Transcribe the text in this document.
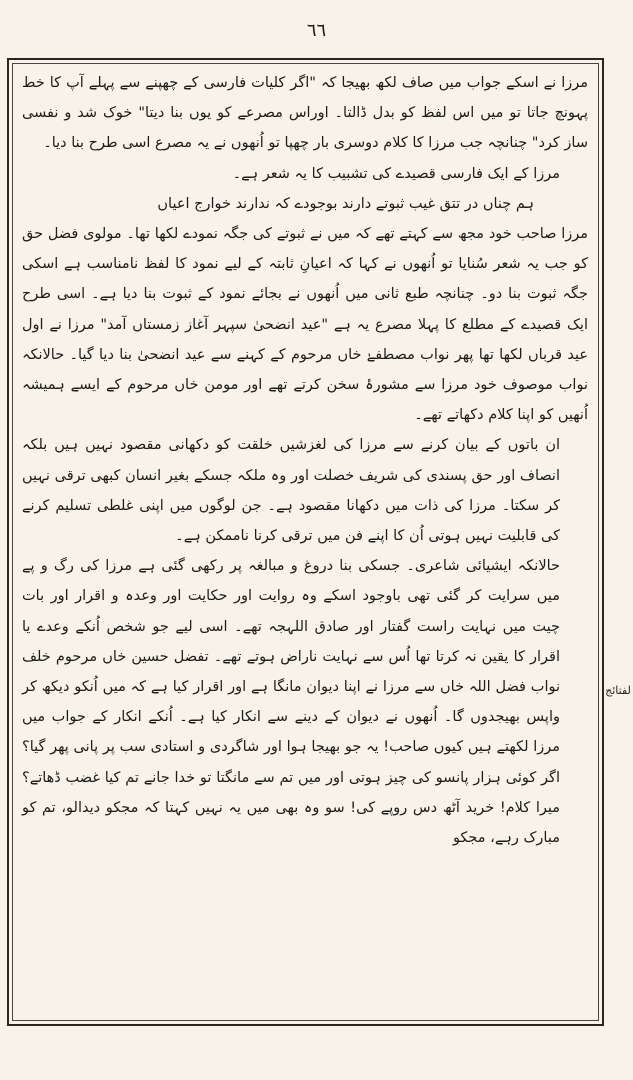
٦٦

مرزا نے اسکے جواب میں صاف لکھ بھیجا کہ "اگر کلیات فارسی کے چھپنے سے پہلے آپ کا خط پہونچ جاتا تو میں اس لفظ کو بدل ڈالتا۔ اوراس مصرعے کو یوں بنا دیتا" خوک شد و نفسی ساز کرد" چنانچہ جب مرزا کا کلام دوسری بار چھپا تو اُنھوں نے یہ مصرع اسی طرح بنا دیا۔

مرزا کے ایک فارسی قصیدے کی تشبیب کا یہ شعر ہے۔

ہم چناں در تتق غیب ثبوتے دارند بوجودے کہ ندارند خوارج اعیاں

مرزا صاحب خود مجھ سے کہتے تھے کہ میں نے ثبوتے کی جگہ نمودے لکھا تھا۔ مولوی فضل حق کو جب یہ شعر سُنایا تو اُنھوں نے کہا کہ اعیانِ ثابتہ کے لیے نمود کا لفظ نامناسب ہے اسکی جگہ ثبوت بنا دو۔ چنانچہ طبع ثانی میں اُنھوں نے بجائے نمود کے ثبوت بنا دیا ہے۔ اسی طرح ایک قصیدے کے مطلع کا پہلا مصرع یہ ہے "عید انضحیٰ سپہر آغاز زمستاں آمد" مرزا نے اول عید قرباں لکھا تھا پھر نواب مصطفےٰ خاں مرحوم کے کہنے سے عید انضحیٰ بنا دیا گیا۔ حالانکہ نواب موصوف خود مرزا سے مشورۂ سخن کرتے تھے اور مومن خاں مرحوم کے ایسے ہمیشہ اُنھیں کو اپنا کلام دکھاتے تھے۔

ان باتوں کے بیان کرنے سے مرزا کی لغزشیں خلقت کو دکھانی مقصود نہیں ہیں بلکہ انصاف اور حق پسندی کی شریف خصلت اور وہ ملکہ جسکے بغیر انسان کبھی ترقی نہیں کر سکتا۔ مرزا کی ذات میں دکھانا مقصود ہے۔ جن لوگوں میں اپنی غلطی تسلیم کرنے کی قابلیت نہیں ہوتی اُن کا اپنے فن میں ترقی کرنا ناممکن ہے۔

حالانکہ ایشیائی شاعری۔ جسکی بنا دروغ و مبالغہ پر رکھی گئی ہے مرزا کی رگ و پے میں سرایت کر گئی تھی باوجود اسکے وہ روایت اور حکایت اور وعدہ و اقرار اور بات چیت میں نہایت راست گفتار اور صادق اللہجہ تھے۔ اسی لیے جو شخص اُنکے وعدے یا اقرار کا یقین نہ کرتا تھا اُس سے نہایت ناراض ہوتے تھے۔ تفضل حسین خاں مرحوم خلف نواب فضل اللہ خاں سے مرزا نے اپنا دیوان مانگا ہے اور اقرار کیا ہے کہ میں اُنکو دیکھ کر واپس بھیجدوں گا۔ اُنھوں نے دیوان کے دینے سے انکار کیا ہے۔ اُنکے انکار کے جواب میں مرزا لکھتے ہیں کیوں صاحب! یہ جو بھیجا ہوا اور شاگردی و استادی سب پر پانی پھر گیا؟ اگر کوئی ہزار پانسو کی چیز ہوتی اور میں تم سے مانگتا تو خدا جانے تم کیا غضب ڈھاتے؟ میرا کلام! خرید آٹھ دس روپے کی! سو وہ بھی میں یہ نہیں کہتا کہ مجکو دیدالو، تم کو مبارک رہے، مجکو

لفتائج
